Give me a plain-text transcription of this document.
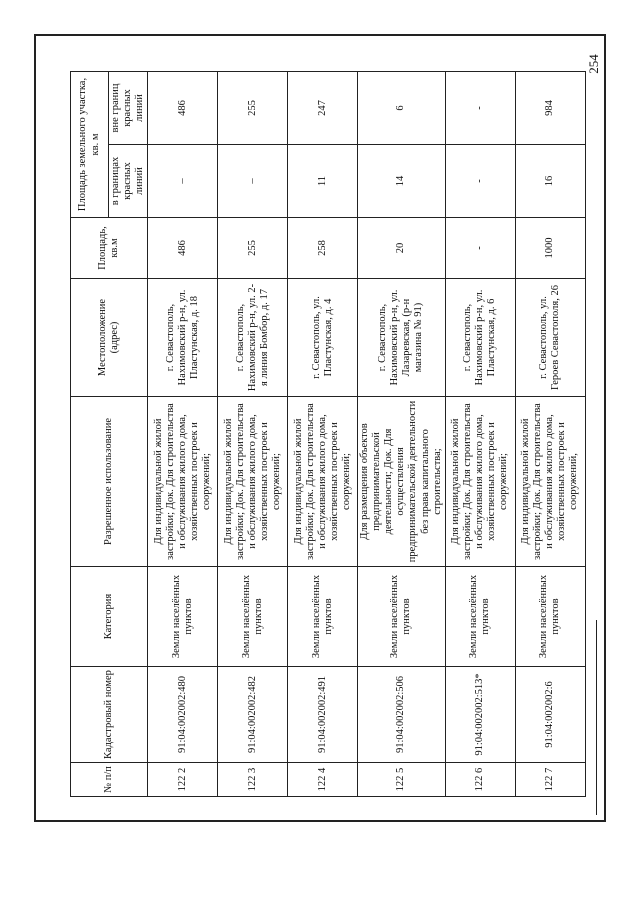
254
№ п/п	Кадастровый номер	Категория	Разрешенное использование	Местоположение (адрес)	Площадь, кв.м	Площадь земельного участка, кв. м	
						в границах красных линий	вне границ красных линий
122 2	91:04:002002:480	Земли населённых пунктов	Для индивидуальной жилой застройки; Док. Для строительства и обслуживания жилого дома, хозяйственных построек и сооружений;	г. Севастополь, Нахимовский р-н, ул. Пластунская, д. 18	486	–	486
122 3	91:04:002002:482	Земли населённых пунктов	Для индивидуальной жилой застройки; Док. Для строительства и обслуживания жилого дома, хозяйственных построек и сооружений;	г. Севастополь, Нахимовский р-н, ул. 2-я линия Бомбор, д. 17	255	–	255
122 4	91:04:002002:491	Земли населённых пунктов	Для индивидуальной жилой застройки; Док. Для строительства и обслуживания жилого дома, хозяйственных построек и сооружений;	г. Севастополь, ул. Пластунская, д. 4	258	11	247
122 5	91:04:002002:506	Земли населённых пунктов	Для размещения объектов предпринимательской деятельности; Док. Для осуществления предпринимательской деятельности без права капитального строительства;	г. Севастополь, Нахимовский р-н, ул. Лазаревская, (р-н магазина № 91)	20	14	6
122 6	91:04:002002:513*	Земли населённых пунктов	Для индивидуальной жилой застройки; Док. Для строительства и обслуживания жилого дома, хозяйственных построек и сооружений;	г. Севастополь, Нахимовский р-н, ул. Пластунская, д. 6	-	-	-
122 7	91:04:002002:6	Земли населённых пунктов	Для индивидуальной жилой застройки; Док. Для строительства и обслуживания жилого дома, хозяйственных построек и сооружений,	г. Севастополь, ул. Героев Севастополя, 26	1000	16	984
